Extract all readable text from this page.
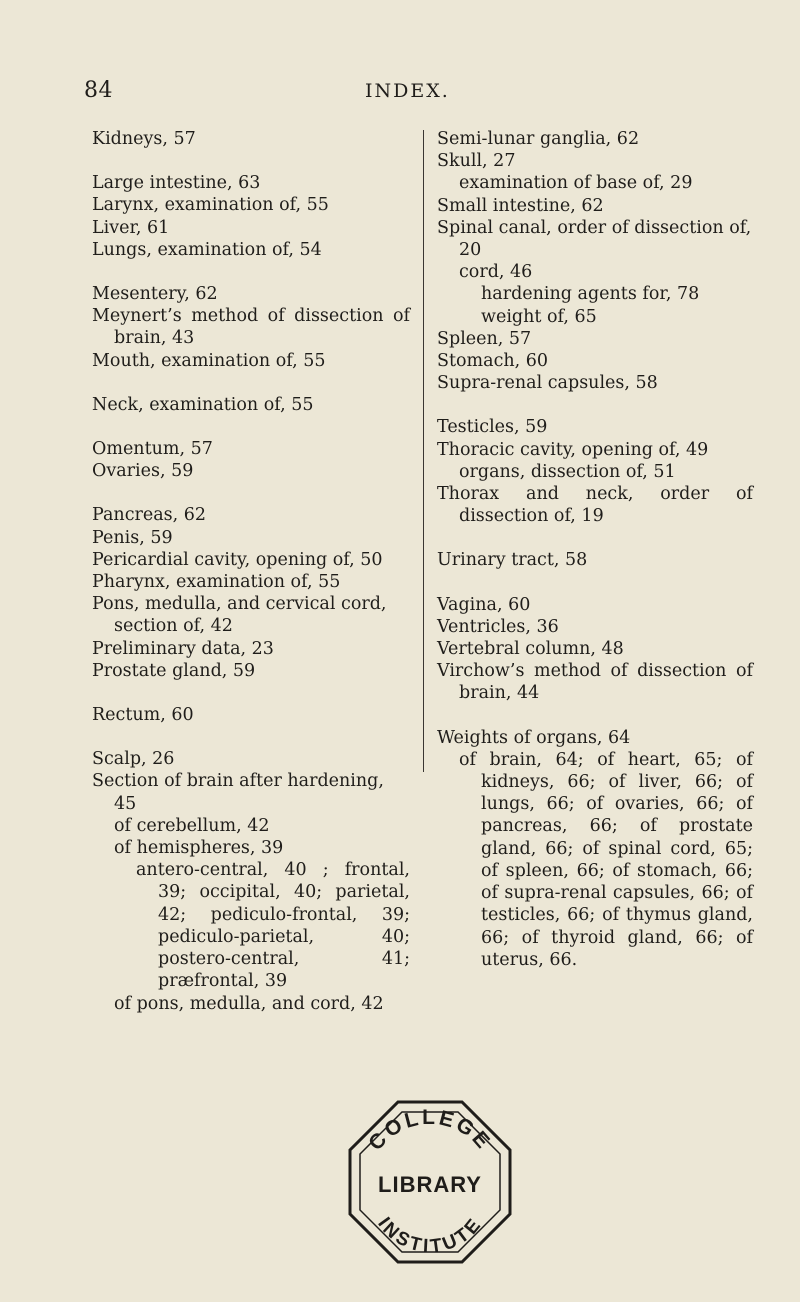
84	INDEX.
Kidneys, 57
Large intestine, 63
Larynx, examination of, 55
Liver, 61
Lungs, examination of, 54
Mesentery, 62
Meynert’s method of dissection of brain, 43
Mouth, examination of, 55
Neck, examination of, 55
Omentum, 57
Ovaries, 59
Pancreas, 62
Penis, 59
Pericardial cavity, opening of, 50
Pharynx, examination of, 55
Pons, medulla, and cervical cord, section of, 42
Preliminary data, 23
Prostate gland, 59
Rectum, 60
Scalp, 26
Section of brain after hardening, 45
of cerebellum, 42
of hemispheres, 39
antero-central, 40 ; frontal, 39; occipital, 40; parietal, 42; pediculo-frontal, 39; pediculo-parietal, 40; postero-central, 41; præfrontal, 39
of pons, medulla, and cord, 42
Semi-lunar ganglia, 62
Skull, 27
examination of base of, 29
Small intestine, 62
Spinal canal, order of dissection of, 20
cord, 46
hardening agents for, 78
weight of, 65
Spleen, 57
Stomach, 60
Supra-renal capsules, 58
Testicles, 59
Thoracic cavity, opening of, 49
organs, dissection of, 51
Thorax and neck, order of dissection of, 19
Urinary tract, 58
Vagina, 60
Ventricles, 36
Vertebral column, 48
Virchow’s method of dissection of brain, 44
Weights of organs, 64
of brain, 64; of heart, 65; of kidneys, 66; of liver, 66; of lungs, 66; of ovaries, 66; of pancreas, 66; of prostate gland, 66; of spinal cord, 65; of spleen, 66; of stomach, 66; of supra-renal capsules, 66; of testicles, 66; of thymus gland, 66; of thyroid gland, 66; of uterus, 66.
COLLEGE
LIBRARY
INSTITUTE
